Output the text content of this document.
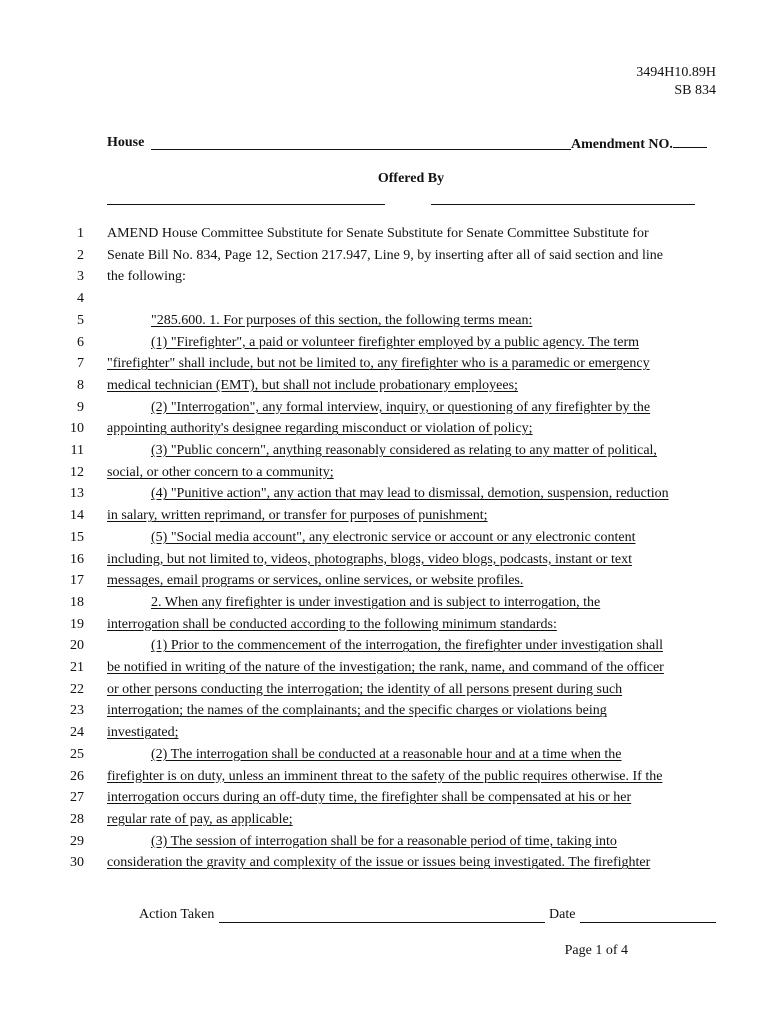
3494H10.89H
SB 834
House	Amendment NO.
Offered By
1 AMEND House Committee Substitute for Senate Substitute for Senate Committee Substitute for
2 Senate Bill No. 834, Page 12, Section 217.947, Line 9, by inserting after all of said section and line
3 the following:
4
5	"285.600. 1. For purposes of this section, the following terms mean:
6	(1) "Firefighter", a paid or volunteer firefighter employed by a public agency. The term
7 "firefighter" shall include, but not be limited to, any firefighter who is a paramedic or emergency
8 medical technician (EMT), but shall not include probationary employees;
9	(2) "Interrogation", any formal interview, inquiry, or questioning of any firefighter by the
10 appointing authority's designee regarding misconduct or violation of policy;
11	(3) "Public concern", anything reasonably considered as relating to any matter of political,
12 social, or other concern to a community;
13	(4) "Punitive action", any action that may lead to dismissal, demotion, suspension, reduction
14 in salary, written reprimand, or transfer for purposes of punishment;
15	(5) "Social media account", any electronic service or account or any electronic content
16 including, but not limited to, videos, photographs, blogs, video blogs, podcasts, instant or text
17 messages, email programs or services, online services, or website profiles.
18	2. When any firefighter is under investigation and is subject to interrogation, the
19 interrogation shall be conducted according to the following minimum standards:
20	(1) Prior to the commencement of the interrogation, the firefighter under investigation shall
21 be notified in writing of the nature of the investigation; the rank, name, and command of the officer
22 or other persons conducting the interrogation; the identity of all persons present during such
23 interrogation; the names of the complainants; and the specific charges or violations being
24 investigated;
25	(2) The interrogation shall be conducted at a reasonable hour and at a time when the
26 firefighter is on duty, unless an imminent threat to the safety of the public requires otherwise. If the
27 interrogation occurs during an off-duty time, the firefighter shall be compensated at his or her
28 regular rate of pay, as applicable;
29	(3) The session of interrogation shall be for a reasonable period of time, taking into
30 consideration the gravity and complexity of the issue or issues being investigated. The firefighter
Action Taken	Date
Page 1 of 4
